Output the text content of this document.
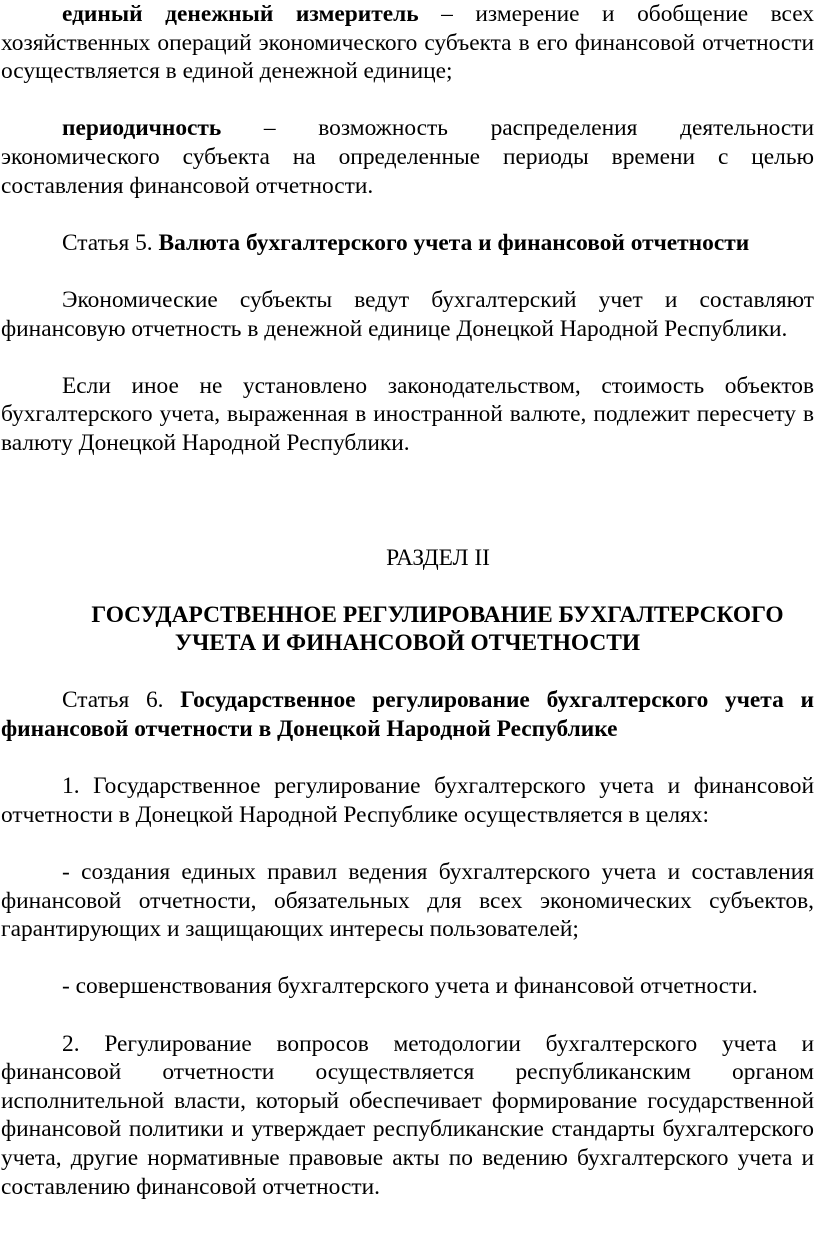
единый денежный измеритель – измерение и обобщение всех хозяйственных операций экономического субъекта в его финансовой отчетности осуществляется в единой денежной единице;

периодичность – возможность распределения деятельности экономического субъекта на определенные периоды времени с целью составления финансовой отчетности.

Статья 5. Валюта бухгалтерского учета и финансовой отчетности

Экономические субъекты ведут бухгалтерский учет и составляют финансовую отчетность в денежной единице Донецкой Народной Республики.

Если иное не установлено законодательством, стоимость объектов бухгалтерского учета, выраженная в иностранной валюте, подлежит пересчету в валюту Донецкой Народной Республики.

РАЗДЕЛ II

ГОСУДАРСТВЕННОЕ РЕГУЛИРОВАНИЕ БУХГАЛТЕРСКОГО

УЧЕТА И ФИНАНСОВОЙ ОТЧЕТНОСТИ

Статья 6. Государственное регулирование бухгалтерского учета и финансовой отчетности в Донецкой Народной Республике

1. Государственное регулирование бухгалтерского учета и финансовой отчетности в Донецкой Народной Республике осуществляется в целях:

- создания единых правил ведения бухгалтерского учета и составления финансовой отчетности, обязательных для всех экономических субъектов, гарантирующих и защищающих интересы пользователей;

- совершенствования бухгалтерского учета и финансовой отчетности.

2. Регулирование вопросов методологии бухгалтерского учета и финансовой отчетности осуществляется республиканским органом исполнительной власти, который обеспечивает формирование государственной финансовой политики и утверждает республиканские стандарты бухгалтерского учета, другие нормативные правовые акты по ведению бухгалтерского учета и составлению финансовой отчетности.
